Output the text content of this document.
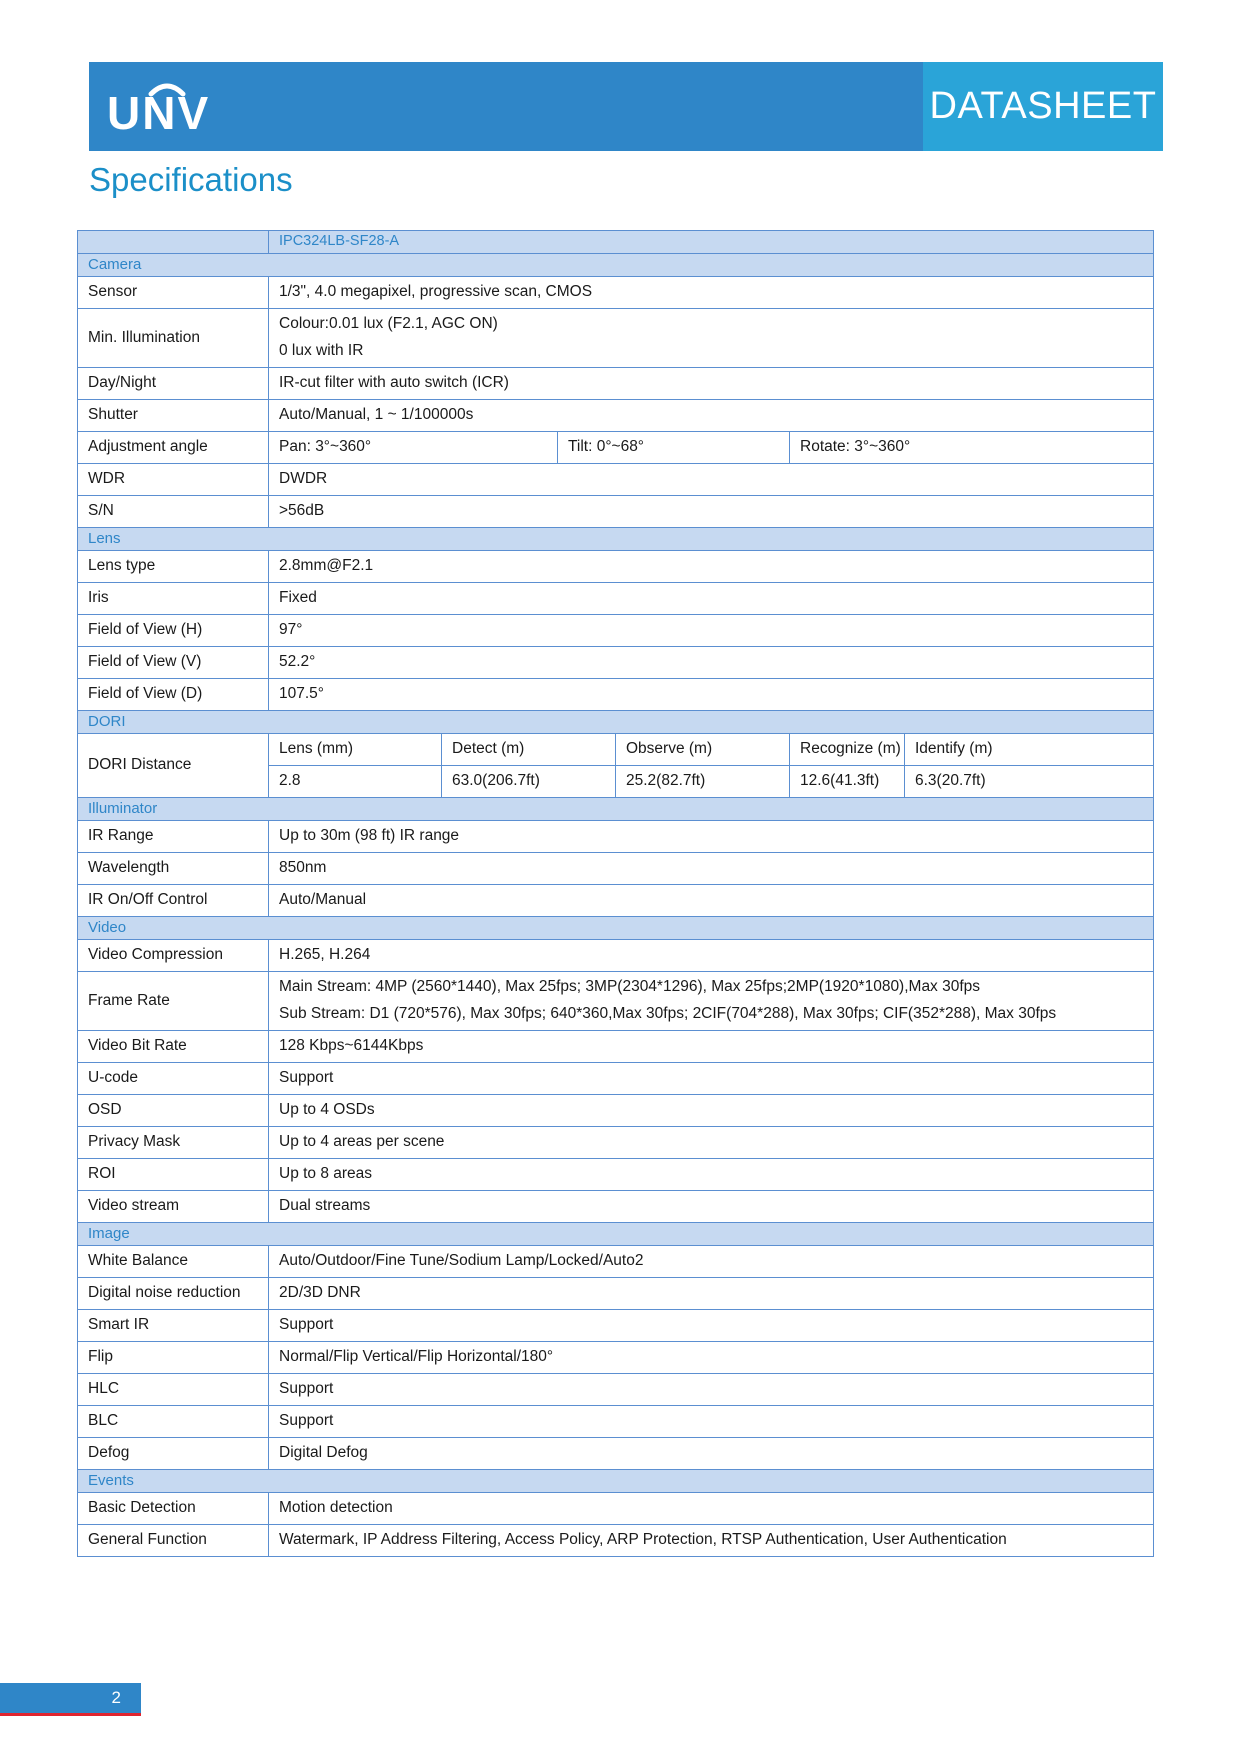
UNV	DATASHEET
Specifications
	IPC324LB-SF28-A					
Camera						
Sensor	1/3", 4.0 megapixel, progressive scan, CMOS					
Min. Illumination	Colour:0.01 lux (F2.1, AGC ON)
0 lux with IR					

Day/Night	IR-cut filter with auto switch (ICR)					
Shutter	Auto/Manual, 1 ~ 1/100000s					
Adjustment angle	Pan: 3°~360°		Tilt: 0°~68°		Rotate: 3°~360°	
WDR	DWDR					
S/N	>56dB					
Lens						
Lens type	2.8mm@F2.1					
Iris	Fixed					
Field of View (H)	97°					
Field of View (V)	52.2°					
Field of View (D)	107.5°					
DORI						
DORI Distance	Lens (mm)	Detect (m)		Observe (m)	Recognize (m)	Identify (m)
	2.8	63.0(206.7ft)		25.2(82.7ft)	12.6(41.3ft)	6.3(20.7ft)
Illuminator						
IR Range	Up to 30m (98 ft) IR range					
Wavelength	850nm					
IR On/Off Control	Auto/Manual					
Video						
Video Compression	H.265, H.264					
Frame Rate	Main Stream: 4MP (2560*1440), Max 25fps; 3MP(2304*1296), Max 25fps;2MP(1920*1080),Max 30fps
Sub Stream: D1 (720*576), Max 30fps; 640*360,Max 30fps; 2CIF(704*288), Max 30fps; CIF(352*288), Max 30fps					

Video Bit Rate	128 Kbps~6144Kbps					
U-code	Support					
OSD	Up to 4 OSDs					
Privacy Mask	Up to 4 areas per scene					
ROI	Up to 8 areas					
Video stream	Dual streams					
Image						
White Balance	Auto/Outdoor/Fine Tune/Sodium Lamp/Locked/Auto2					
Digital noise reduction	2D/3D DNR					
Smart IR	Support					
Flip	Normal/Flip Vertical/Flip Horizontal/180°					
HLC	Support					
BLC	Support					
Defog	Digital Defog					
Events						
Basic Detection	Motion detection					
General Function	Watermark, IP Address Filtering, Access Policy, ARP Protection, RTSP Authentication, User Authentication					
2
